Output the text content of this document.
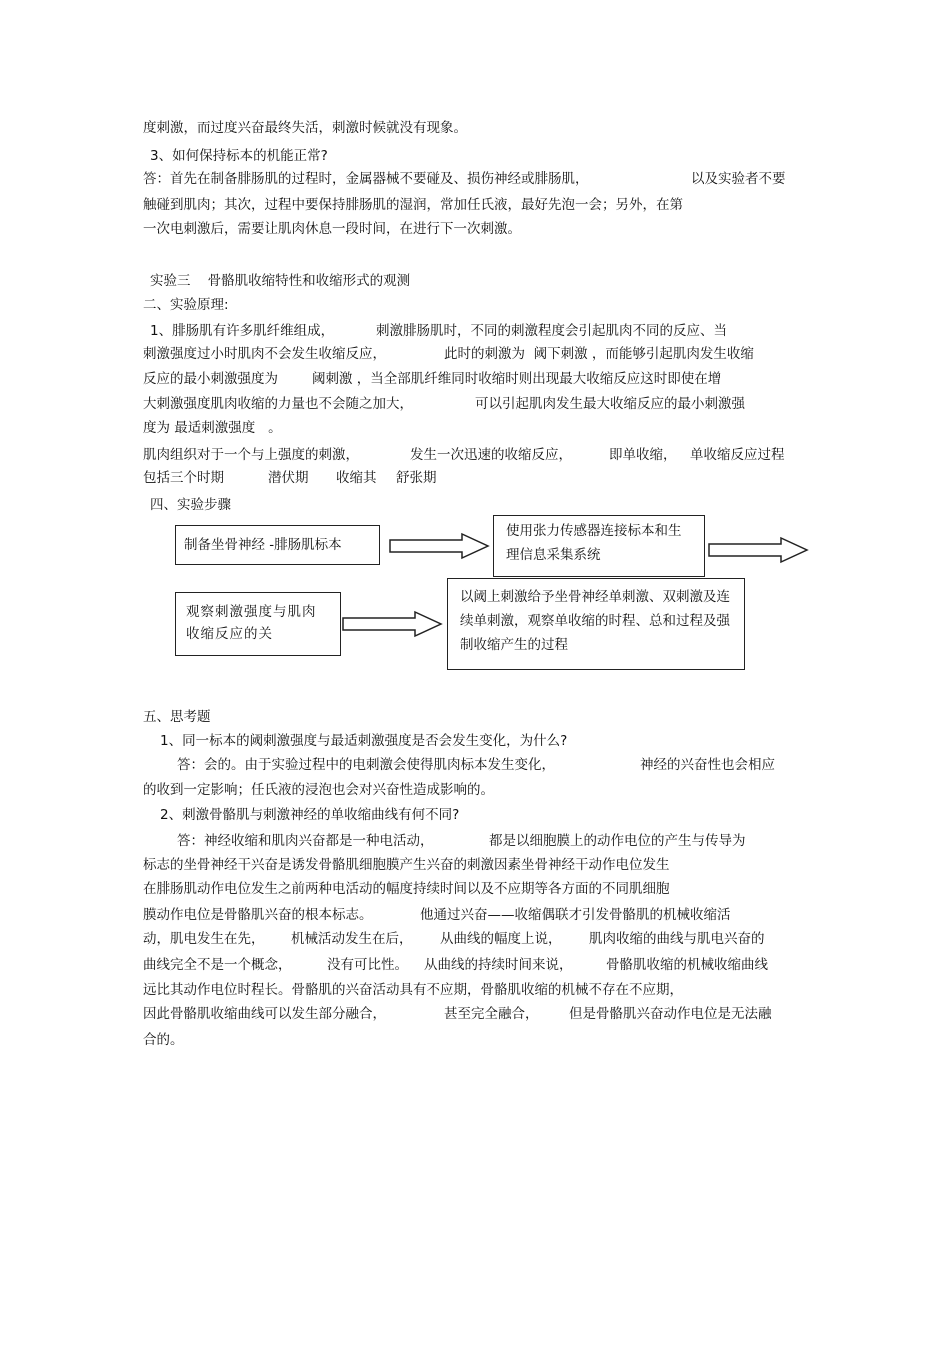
度刺激，而过度兴奋最终失活，刺激时候就没有现象。
3、如何保持标本的机能正常?
答：首先在制备腓肠肌的过程时，金属器械不要碰及、损伤神经或腓肠肌，	以及实验者不要
触碰到肌肉；其次，过程中要保持腓肠肌的湿润，常加任氏液，最好先泡一会；另外，在第
一次电刺激后，需要让肌肉休息一段时间，在进行下一次刺激。
实验三    骨骼肌收缩特性和收缩形式的观测
二、实验原理:
1、腓肠肌有许多肌纤维组成，	刺激腓肠肌时，不同的刺激程度会引起肌肉不同的反应、当
刺激强度过小时肌肉不会发生收缩反应，	此时的刺激为  阈下刺激 ，而能够引起肌肉发生收缩
反应的最小刺激强度为	阈刺激 ，当全部肌纤维同时收缩时则出现最大收缩反应这时即使在增
大刺激强度肌肉收缩的力量也不会随之加大，	可以引起肌肉发生最大收缩反应的最小刺激强
度为 最适刺激强度   。
肌肉组织对于一个与上强度的刺激，	发生一次迅速的收缩反应，	即单收缩， 单收缩反应过程
包括三个时期	潜伏期 收缩其 舒张期
四、实验步骤
制备坐骨神经 -腓肠肌标本
使用张力传感器连接标本和生理信息采集系统
观察刺激强度与肌肉收缩反应的关
以阈上刺激给予坐骨神经单刺激、双刺激及连续单刺激，观察单收缩的时程、总和过程及强制收缩产生的过程
五、思考题
1、同一标本的阈刺激强度与最适刺激强度是否会发生变化，为什么?
答：会的。由于实验过程中的电刺激会使得肌肉标本发生变化，	神经的兴奋性也会相应
的收到一定影响；任氏液的浸泡也会对兴奋性造成影响的。
2、刺激骨骼肌与刺激神经的单收缩曲线有何不同?
答：神经收缩和肌肉兴奋都是一种电活动，	都是以细胞膜上的动作电位的产生与传导为
标志的坐骨神经干兴奋是诱发骨骼肌细胞膜产生兴奋的刺激因素坐骨神经干动作电位发生
在腓肠肌动作电位发生之前两种电活动的幅度持续时间以及不应期等各方面的不同肌细胞
膜动作电位是骨骼肌兴奋的根本标志。	他通过兴奋——收缩偶联才引发骨骼肌的机械收缩活
动，肌电发生在先， 机械活动发生在后， 从曲线的幅度上说， 肌肉收缩的曲线与肌电兴奋的
曲线完全不是一个概念，	没有可比性。 从曲线的持续时间来说， 骨骼肌收缩的机械收缩曲线
远比其动作电位时程长。骨骼肌的兴奋活动具有不应期，骨骼肌收缩的机械不存在不应期，
因此骨骼肌收缩曲线可以发生部分融合，	甚至完全融合， 但是骨骼肌兴奋动作电位是无法融
合的。
